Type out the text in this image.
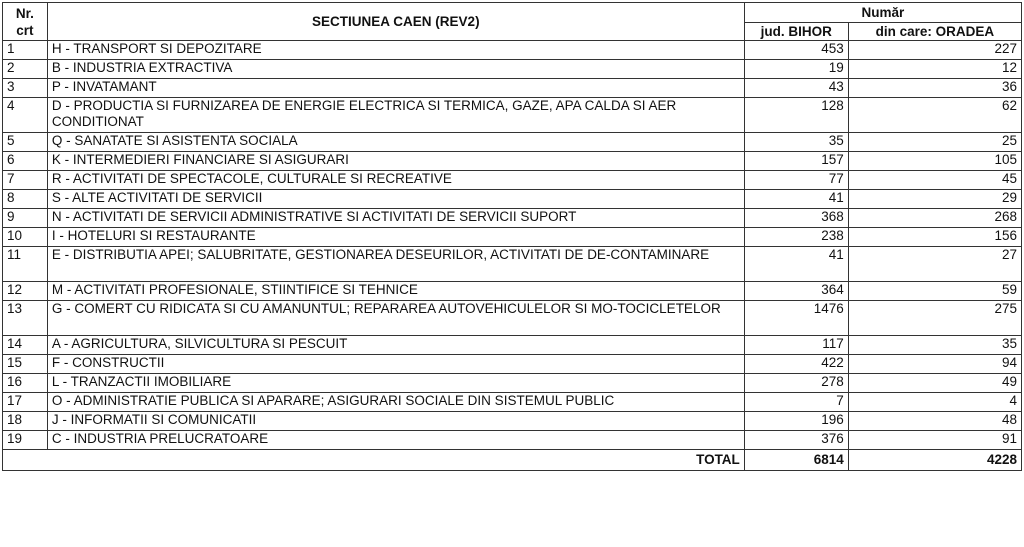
Nr.
crt	SECTIUNEA CAEN (REV2)	Număr	
		jud. BIHOR	din care: ORADEA
1	H - TRANSPORT SI DEPOZITARE	453	227
2	B - INDUSTRIA EXTRACTIVA	19	12
3	P - INVATAMANT	43	36
4	D - PRODUCTIA SI FURNIZAREA DE ENERGIE ELECTRICA SI TERMICA, GAZE, APA CALDA SI AER CONDITIONAT	128	62
5	Q - SANATATE SI ASISTENTA SOCIALA	35	25
6	K - INTERMEDIERI FINANCIARE SI ASIGURARI	157	105
7	R - ACTIVITATI DE SPECTACOLE, CULTURALE SI RECREATIVE	77	45
8	S - ALTE ACTIVITATI DE SERVICII	41	29
9	N - ACTIVITATI DE SERVICII ADMINISTRATIVE SI ACTIVITATI DE SERVICII SUPORT	368	268
10	I - HOTELURI SI RESTAURANTE	238	156
11	E - DISTRIBUTIA APEI; SALUBRITATE, GESTIONAREA DESEURILOR, ACTIVITATI DE DE-CONTAMINARE	41	27
12	M - ACTIVITATI PROFESIONALE, STIINTIFICE SI TEHNICE	364	59
13	G - COMERT CU RIDICATA SI CU AMANUNTUL; REPARAREA AUTOVEHICULELOR SI MO-TOCICLETELOR	1476	275
14	A - AGRICULTURA, SILVICULTURA SI PESCUIT	117	35
15	F - CONSTRUCTII	422	94
16	L - TRANZACTII IMOBILIARE	278	49
17	O - ADMINISTRATIE PUBLICA SI APARARE; ASIGURARI SOCIALE DIN SISTEMUL PUBLIC	7	4
18	J - INFORMATII SI COMUNICATII	196	48
19	C - INDUSTRIA PRELUCRATOARE	376	91
TOTAL		6814	4228
